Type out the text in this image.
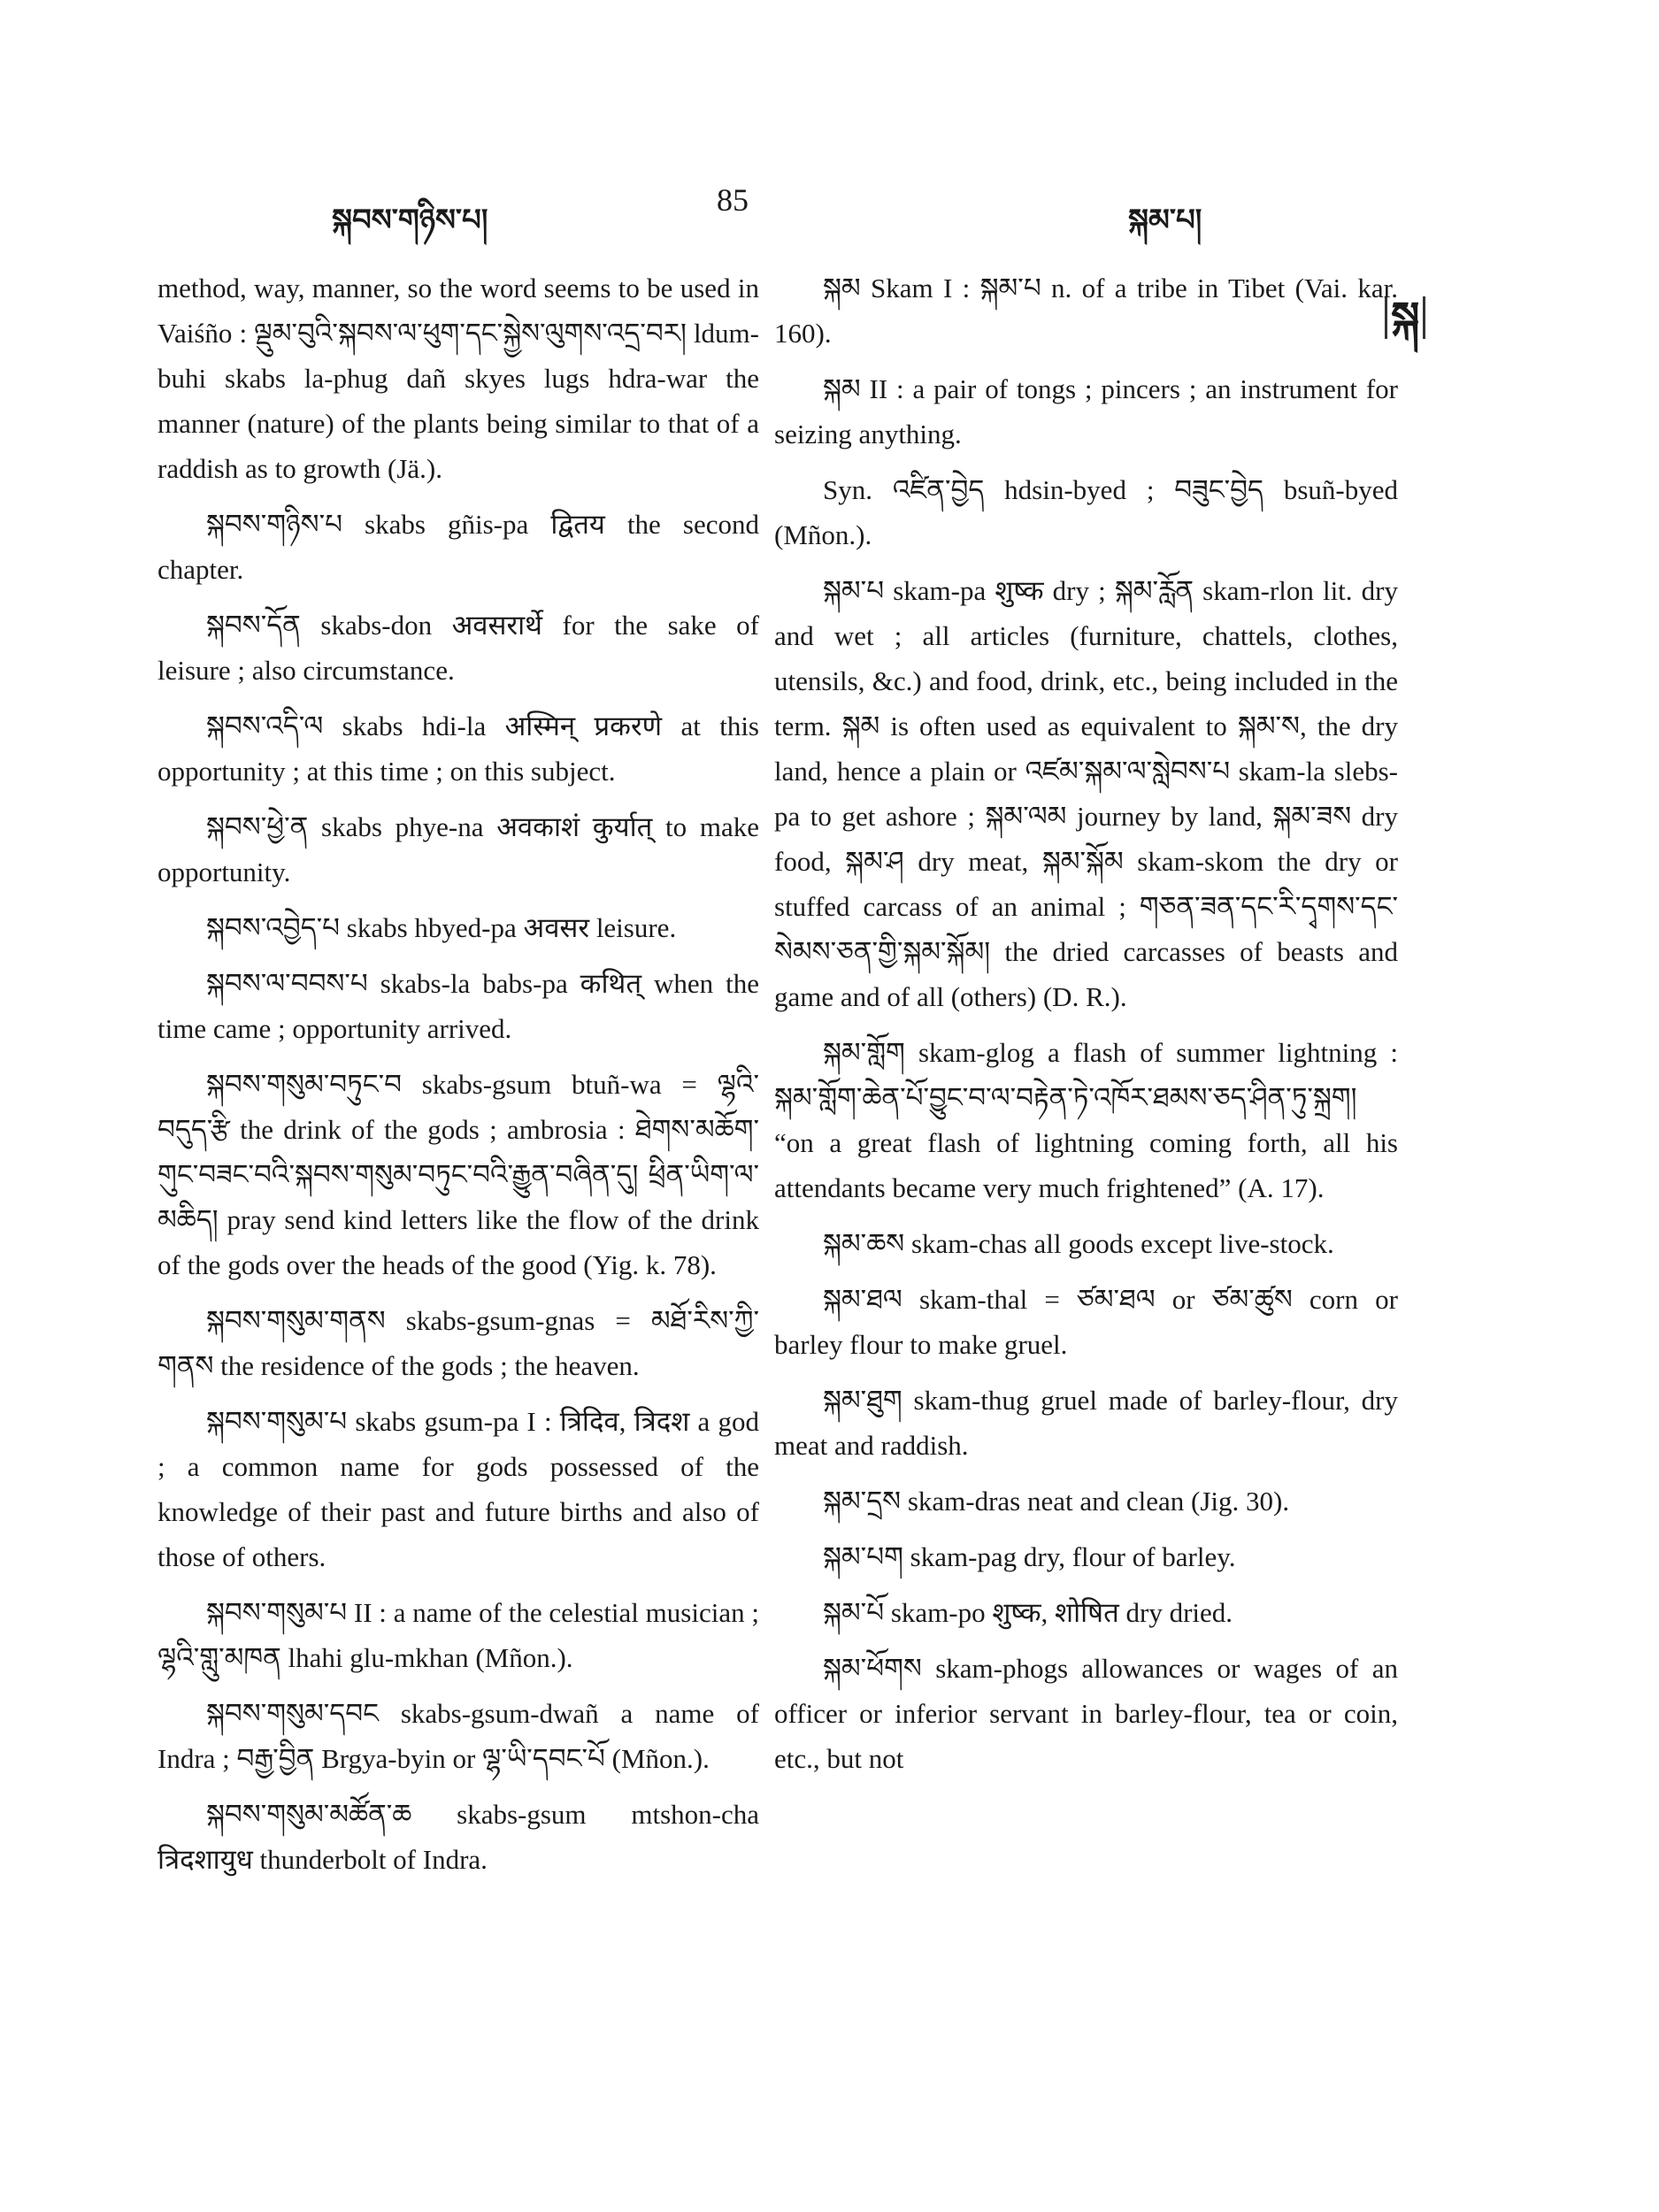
སྐབས་གཉིས་པ།
85
སྐམ་པ།
སྐ

method, way, manner, so the word seems to be used in Vaiśño : ལྡུམ་བུའི་སྐབས་ལ་ཕུག་དང་སྐྱེས་ལུགས་འདྲ་བར། ldum-buhi skabs la-phug dañ skyes lugs hdra-war the manner (nature) of the plants being similar to that of a raddish as to growth (Jä.).

སྐབས་གཉིས་པ skabs gñis-pa द्वितय the second chapter.

སྐབས་དོན skabs-don अवसरार्थे for the sake of leisure ; also circumstance.

སྐབས་འདི་ལ skabs hdi-la अस्मिन् प्रकरणे at this opportunity ; at this time ; on this subject.

སྐབས་ཕྱེ་ན skabs phye-na अवकाशं कुर्यात् to make opportunity.

སྐབས་འབྱེད་པ skabs hbyed-pa अवसर leisure.

སྐབས་ལ་བབས་པ skabs-la babs-pa कथित् when the time came ; opportunity arrived.

སྐབས་གསུམ་བཏུང་བ skabs-gsum btuñ-wa = ལྷའི་བདུད་རྩི the drink of the gods ; ambrosia : ཐེགས་མཆོག་གུང་བཟང་བའི་སྐབས་གསུམ་བཏུང་བའི་རྒྱུན་བཞིན་དུ། ཕྲིན་ཡིག་ལ་མཆིད། pray send kind letters like the flow of the drink of the gods over the heads of the good (Yig. k. 78).

སྐབས་གསུམ་གནས skabs-gsum-gnas = མཐོ་རིས་ཀྱི་གནས the residence of the gods ; the heaven.

སྐབས་གསུམ་པ skabs gsum-pa I : त्रिदिव, त्रिदश a god ; a common name for gods possessed of the knowledge of their past and future births and also of those of others.

སྐབས་གསུམ་པ II : a name of the celestial musician ; ལྷའི་གླུ་མཁན lhahi glu-mkhan (Mñon.).

སྐབས་གསུམ་དབང skabs-gsum-dwañ a name of Indra ; བརྒྱ་བྱིན Brgya-byin or ལྷ་ཡི་དབང་པོ (Mñon.).

སྐབས་གསུམ་མཚོན་ཆ skabs-gsum mtshon-cha त्रिदशायुध thunderbolt of Indra.

སྐམ Skam I : སྐམ་པ n. of a tribe in Tibet (Vai. kar. 160).

སྐམ II : a pair of tongs ; pincers ; an instrument for seizing anything.

Syn. འཛིན་བྱེད hdsin-byed ; བཟུང་བྱེད bsuñ-byed (Mñon.).

སྐམ་པ skam-pa शुष्क dry ; སྐམ་རློན skam-rlon lit. dry and wet ; all articles (furniture, chattels, clothes, utensils, &c.) and food, drink, etc., being included in the term. སྐམ is often used as equivalent to སྐམ་ས, the dry land, hence a plain or འཛམ་སྐམ་ལ་སླེབས་པ skam-la slebs-pa to get ashore ; སྐམ་ལམ journey by land, སྐམ་ཟས dry food, སྐམ་ཤ dry meat, སྐམ་སྐོམ skam-skom the dry or stuffed carcass of an animal ; གཅན་ཟན་དང་རི་དྭགས་དང་སེམས་ཅན་གྱི་སྐམ་སྐོམ། the dried carcasses of beasts and game and of all (others) (D. R.).

སྐམ་གློག skam-glog a flash of summer lightning : སྐམ་གློག་ཆེན་པོ་བྱུང་བ་ལ་བརྟེན་ཏེ་འཁོར་ཐམས་ཅད་ཤིན་ཏུ་སྐྲག། “on a great flash of lightning coming forth, all his attendants became very much frightened” (A. 17).

སྐམ་ཆས skam-chas all goods except live-stock.

སྐམ་ཐལ skam-thal = ཙམ་ཐལ or ཙམ་ཚུས corn or barley flour to make gruel.

སྐམ་ཐུག skam-thug gruel made of barley-flour, dry meat and raddish.

སྐམ་དྲས skam-dras neat and clean (Jig. 30).

སྐམ་པག skam-pag dry, flour of barley.

སྐམ་པོ skam-po शुष्क, शोषित dry dried.

སྐམ་ཕོགས skam-phogs allowances or wages of an officer or inferior servant in barley-flour, tea or coin, etc., but not
